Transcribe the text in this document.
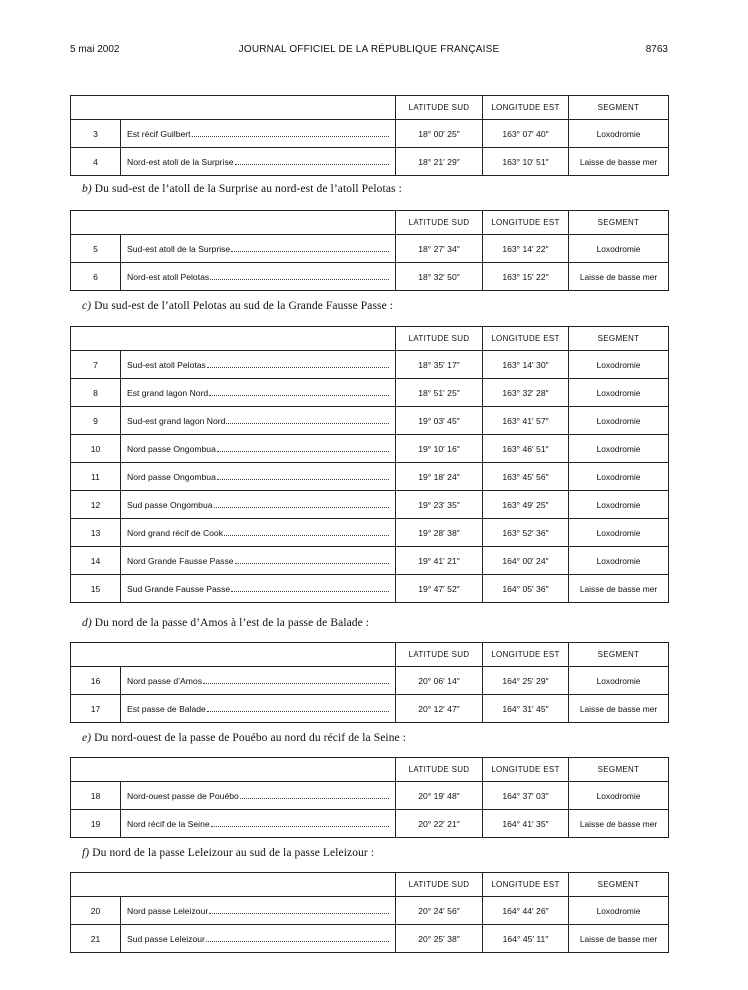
5 mai 2002	JOURNAL OFFICIEL DE LA RÉPUBLIQUE FRANÇAISE	8763
		LATITUDE SUD	LONGITUDE EST	SEGMENT
3	Est récif Guilbert	18° 00′ 25″	163° 07′ 40″	Loxodromie
4	Nord-est atoll de la Surprise	18° 21′ 29″	163° 10′ 51″	Laisse de basse mer
b) Du sud-est de l’atoll de la Surprise au nord-est de l’atoll Pelotas :
		LATITUDE SUD	LONGITUDE EST	SEGMENT
5	Sud-est atoll de la Surprise	18° 27′ 34″	163° 14′ 22″	Loxodromie
6	Nord-est atoll Pelotas	18° 32′ 50″	163° 15′ 22″	Laisse de basse mer
c) Du sud-est de l’atoll Pelotas au sud de la Grande Fausse Passe :
		LATITUDE SUD	LONGITUDE EST	SEGMENT
7	Sud-est atoll Pelotas	18° 35′ 17″	163° 14′ 30″	Loxodromie
8	Est grand lagon Nord	18° 51′ 25″	163° 32′ 28″	Loxodromie
9	Sud-est grand lagon Nord	19° 03′ 45″	163° 41′ 57″	Loxodromie
10	Nord passe Ongombua	19° 10′ 16″	163° 46′ 51″	Loxodromie
11	Nord passe Ongombua	19° 18′ 24″	163° 45′ 56″	Loxodromie
12	Sud passe Ongombua	19° 23′ 35″	163° 49′ 25″	Loxodromie
13	Nord grand récif de Cook	19° 28′ 38″	163° 52′ 36″	Loxodromie
14	Nord Grande Fausse Passe	19° 41′ 21″	164° 00′ 24″	Loxodromie
15	Sud Grande Fausse Passe	19° 47′ 52″	164° 05′ 36″	Laisse de basse mer
d) Du nord de la passe d’Amos à l’est de la passe de Balade :
		LATITUDE SUD	LONGITUDE EST	SEGMENT
16	Nord passe d’Amos	20° 06′ 14″	164° 25′ 29″	Loxodromie
17	Est passe de Balade	20° 12′ 47″	164° 31′ 45″	Laisse de basse mer
e) Du nord-ouest de la passe de Pouébo au nord du récif de la Seine :
		LATITUDE SUD	LONGITUDE EST	SEGMENT
18	Nord-ouest passe de Pouébo	20° 19′ 48″	164° 37′ 03″	Loxodromie
19	Nord récif de la Seine	20° 22′ 21″	164° 41′ 35″	Laisse de basse mer
f) Du nord de la passe Leleizour au sud de la passe Leleizour :
		LATITUDE SUD	LONGITUDE EST	SEGMENT
20	Nord passe Leleizour	20° 24′ 56″	164° 44′ 26″	Loxodromie
21	Sud passe Leleizour	20° 25′ 38″	164° 45′ 11″	Laisse de basse mer
